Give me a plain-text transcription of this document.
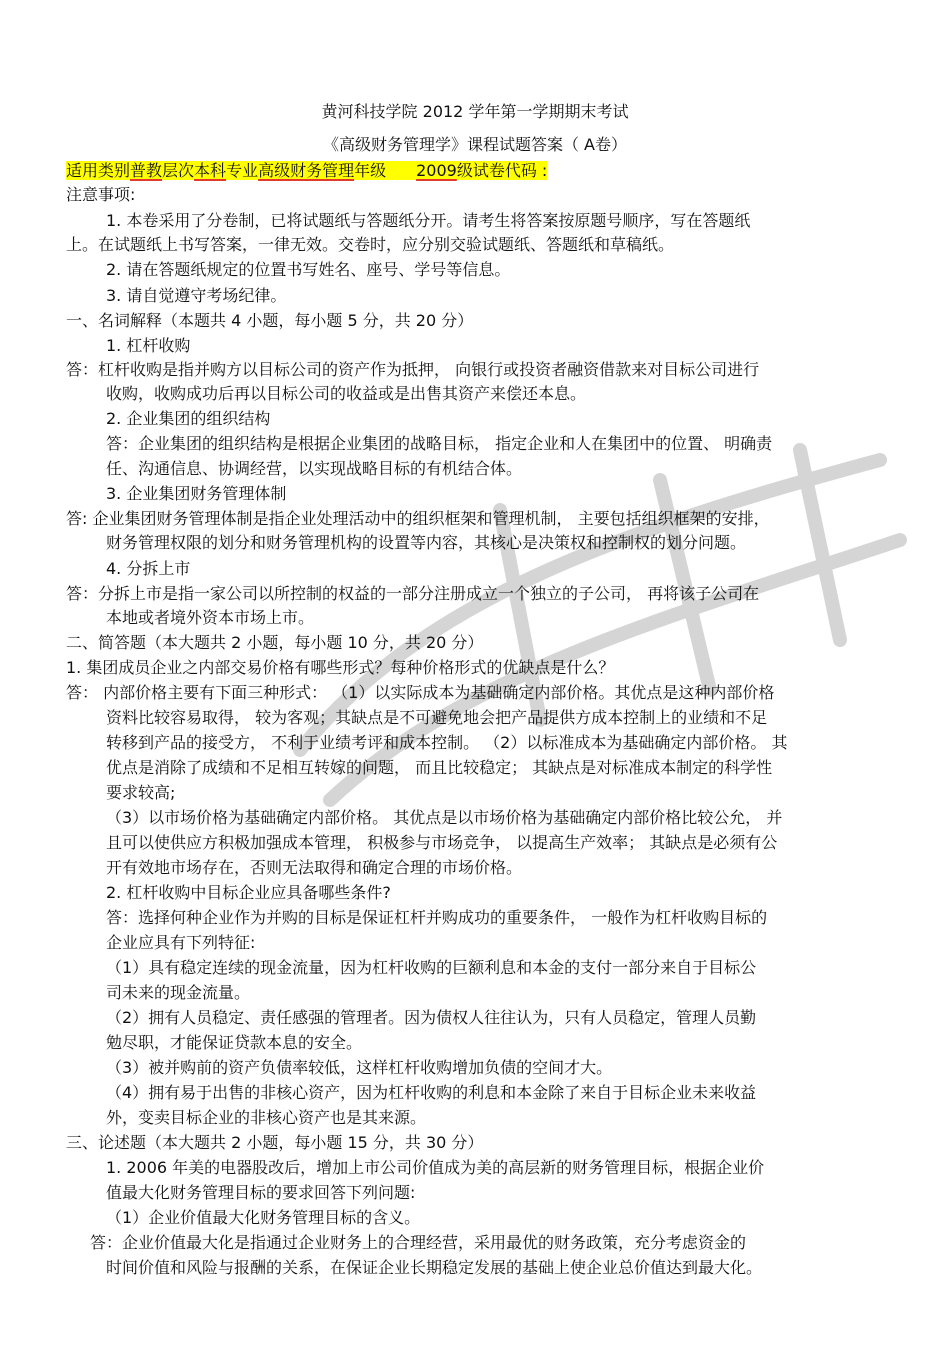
黄河科技学院 2012 学年第一学期期末考试
《高级财务管理学》课程试题答案（ A卷）
适用类别普教层次本科专业高级财务管理年级 2009级试卷代码 :
注意事项:
1. 本卷采用了分卷制，已将试题纸与答题纸分开。请考生将答案按原题号顺序，写在答题纸
上。在试题纸上书写答案，一律无效。交卷时，应分别交验试题纸、答题纸和草稿纸。
2. 请在答题纸规定的位置书写姓名、座号、学号等信息。
3. 请自觉遵守考场纪律。
一、名词解释（本题共 4 小题，每小题 5 分，共 20 分）
1. 杠杆收购
答：杠杆收购是指并购方以目标公司的资产作为抵押， 向银行或投资者融资借款来对目标公司进行
收购，收购成功后再以目标公司的收益或是出售其资产来偿还本息。
2. 企业集团的组织结构
答：企业集团的组织结构是根据企业集团的战略目标， 指定企业和人在集团中的位置、 明确责
任、沟通信息、协调经营，以实现战略目标的有机结合体。
3. 企业集团财务管理体制
答: 企业集团财务管理体制是指企业处理活动中的组织框架和管理机制， 主要包括组织框架的安排，
财务管理权限的划分和财务管理机构的设置等内容，其核心是决策权和控制权的划分问题。
4. 分拆上市
答：分拆上市是指一家公司以所控制的权益的一部分注册成立一个独立的子公司， 再将该子公司在
本地或者境外资本市场上市。
二、简答题（本大题共 2 小题，每小题 10 分，共 20 分）
1. 集团成员企业之内部交易价格有哪些形式？每种价格形式的优缺点是什么？
答： 内部价格主要有下面三种形式： （1）以实际成本为基础确定内部价格。其优点是这种内部价格
资料比较容易取得， 较为客观；其缺点是不可避免地会把产品提供方成本控制上的业绩和不足
转移到产品的接受方， 不利于业绩考评和成本控制。 （2）以标准成本为基础确定内部价格。 其
优点是消除了成绩和不足相互转嫁的问题， 而且比较稳定； 其缺点是对标准成本制定的科学性
要求较高;
（3）以市场价格为基础确定内部价格。 其优点是以市场价格为基础确定内部价格比较公允， 并
且可以使供应方积极加强成本管理， 积极参与市场竞争， 以提高生产效率； 其缺点是必须有公
开有效地市场存在，否则无法取得和确定合理的市场价格。
2. 杠杆收购中目标企业应具备哪些条件?
答：选择何种企业作为并购的目标是保证杠杆并购成功的重要条件， 一般作为杠杆收购目标的
企业应具有下列特征:
（1）具有稳定连续的现金流量，因为杠杆收购的巨额利息和本金的支付一部分来自于目标公
司未来的现金流量。
（2）拥有人员稳定、责任感强的管理者。因为债权人往往认为，只有人员稳定，管理人员勤
勉尽职，才能保证贷款本息的安全。
（3）被并购前的资产负债率较低，这样杠杆收购增加负债的空间才大。
（4）拥有易于出售的非核心资产，因为杠杆收购的利息和本金除了来自于目标企业未来收益
外，变卖目标企业的非核心资产也是其来源。
三、论述题（本大题共 2 小题，每小题 15 分，共 30 分）
1. 2006 年美的电器股改后，增加上市公司价值成为美的高层新的财务管理目标，根据企业价
值最大化财务管理目标的要求回答下列问题:
（1）企业价值最大化财务管理目标的含义。
答：企业价值最大化是指通过企业财务上的合理经营，采用最优的财务政策，充分考虑资金的
时间价值和风险与报酬的关系，在保证企业长期稳定发展的基础上使企业总价值达到最大化。
